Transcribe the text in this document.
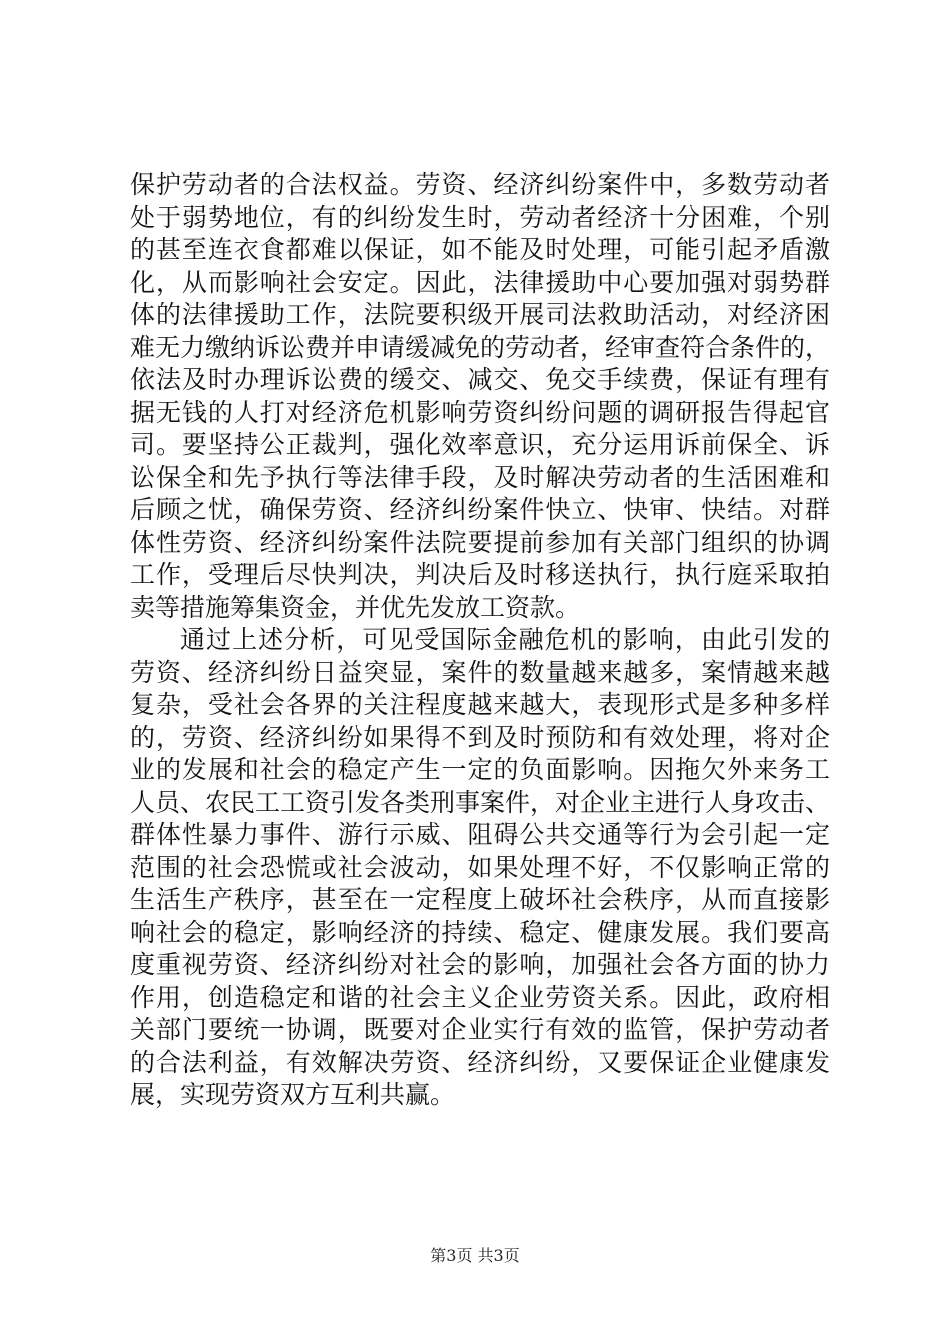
保护劳动者的合法权益。劳资、经济纠纷案件中，多数劳动者
处于弱势地位，有的纠纷发生时，劳动者经济十分困难，个别
的甚至连衣食都难以保证，如不能及时处理，可能引起矛盾激
化，从而影响社会安定。因此，法律援助中心要加强对弱势群
体的法律援助工作，法院要积级开展司法救助活动，对经济困
难无力缴纳诉讼费并申请缓减免的劳动者，经审查符合条件的，
依法及时办理诉讼费的缓交、减交、免交手续费，保证有理有
据无钱的人打对经济危机影响劳资纠纷问题的调研报告得起官
司。要坚持公正裁判，强化效率意识，充分运用诉前保全、诉
讼保全和先予执行等法律手段，及时解决劳动者的生活困难和
后顾之忧，确保劳资、经济纠纷案件快立、快审、快结。对群
体性劳资、经济纠纷案件法院要提前参加有关部门组织的协调
工作，受理后尽快判决，判决后及时移送执行，执行庭采取拍
卖等措施筹集资金，并优先发放工资款。
通过上述分析，可见受国际金融危机的影响，由此引发的
劳资、经济纠纷日益突显，案件的数量越来越多，案情越来越
复杂，受社会各界的关注程度越来越大，表现形式是多种多样
的，劳资、经济纠纷如果得不到及时预防和有效处理，将对企
业的发展和社会的稳定产生一定的负面影响。因拖欠外来务工
人员、农民工工资引发各类刑事案件，对企业主进行人身攻击、
群体性暴力事件、游行示威、阻碍公共交通等行为会引起一定
范围的社会恐慌或社会波动，如果处理不好，不仅影响正常的
生活生产秩序，甚至在一定程度上破坏社会秩序，从而直接影
响社会的稳定，影响经济的持续、稳定、健康发展。我们要高
度重视劳资、经济纠纷对社会的影响，加强社会各方面的协力
作用，创造稳定和谐的社会主义企业劳资关系。因此，政府相
关部门要统一协调，既要对企业实行有效的监管，保护劳动者
的合法利益，有效解决劳资、经济纠纷，又要保证企业健康发
展，实现劳资双方互利共赢。
第3页 共3页
